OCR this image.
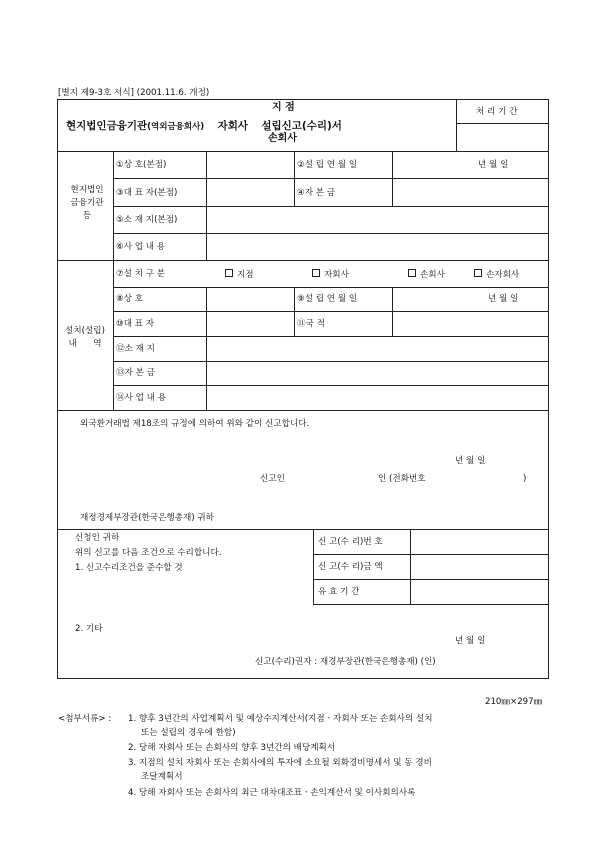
[별지 제9-3호 서식] (2001.11.6. 개정)
지 점
현지법인금융기관(역외금융회사) 자회사 설립신고(수리)서
손회사
처 리 기 간
현지법인
금융기관
등
①상 호(본점)	②설 립 연 월 일	년 월 일
③대 표 자(본점)	④자 본 금
⑤소 재 지(본점)
⑥사 업 내 용
설치(설립)
내      역
⑦설 치 구 분	지점	자회사	손회사	손자회사
⑧상 호	⑨설 립 연 월 일	년 월 일
⑩대 표 자	⑪국 적
⑫소 재 지
⑬자 본 금
⑭사 업 내 용
외국환거래법 제18조의 규정에 의하여 위와 같이 신고합니다.
년 월 일
신고인	인 (전화번호	)
재정경제부장관(한국은행총재) 귀하
신청인 귀하
위의 신고를 다음 조건으로 수리합니다.
1. 신고수리조건을 준수할 것
신 고(수 리)번 호
신 고(수 리)금 액
유 효 기 간
2. 기타
년 월 일
신고(수리)권자 : 재경부장관(한국은행총재) (인)
210㎜×297㎜
<첨부서류> : 1. 향후 3년간의 사업계획서 및 예상수지계산서(지점ㆍ자회사 또는 손회사의 설치
또는 설립의 경우에 한함)
2. 당해 자회사 또는 손회사의 향후 3년간의 배당계획서
3. 지점의 설치 자회사 또는 손회사에의 투자에 소요될 외화경비명세서 및 동 경비
조달계획서
4. 당해 자회사 또는 손회사의 최근 대차대조표ㆍ손익계산서 및 이사회의사록
